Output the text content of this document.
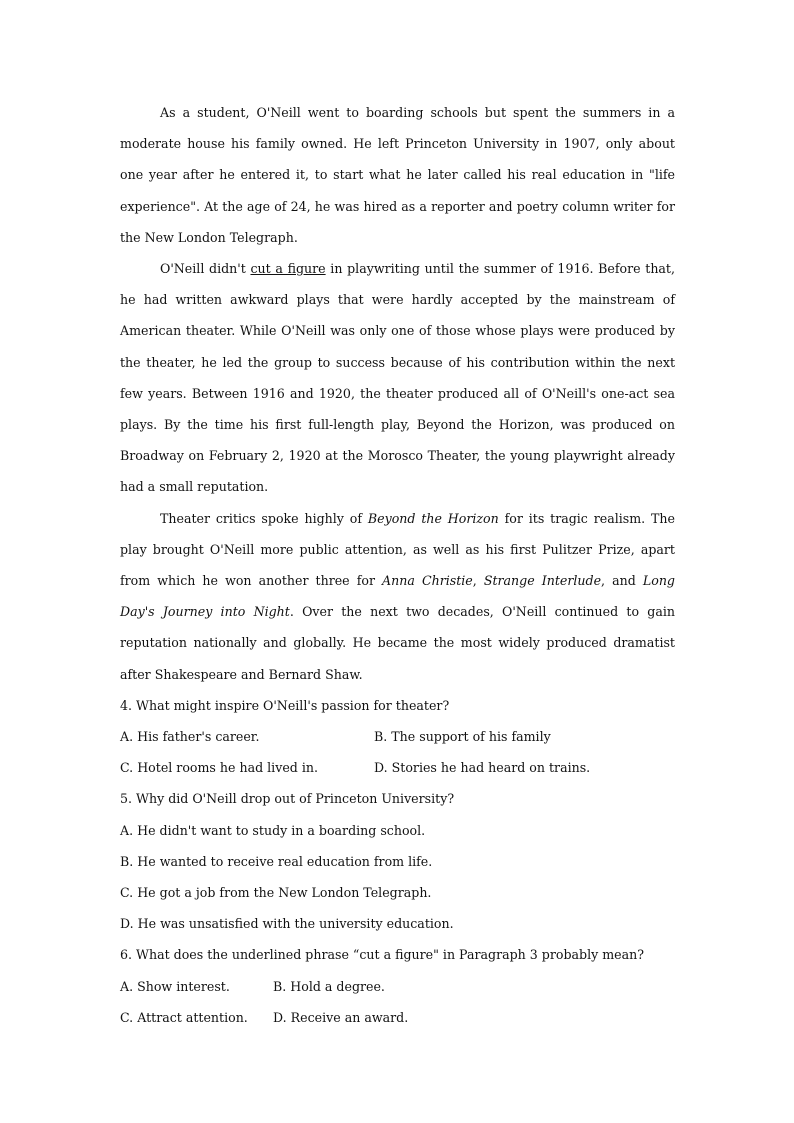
As a student, O'Neill went to boarding schools but spent the summers in a moderate house his family owned. He left Princeton University in 1907, only about one year after he entered it, to start what he later called his real education in "life experience". At the age of 24, he was hired as a reporter and poetry column writer for the New London Telegraph.

O'Neill didn't cut a figure in playwriting until the summer of 1916. Before that, he had written awkward plays that were hardly accepted by the mainstream of American theater. While O'Neill was only one of those whose plays were produced by the theater, he led the group to success because of his contribution within the next few years. Between 1916 and 1920, the theater produced all of O'Neill's one-act sea plays. By the time his first full-length play, Beyond the Horizon, was produced on Broadway on February 2, 1920 at the Morosco Theater, the young playwright already had a small reputation.

Theater critics spoke highly of Beyond the Horizon for its tragic realism. The play brought O'Neill more public attention, as well as his first Pulitzer Prize, apart from which he won another three for Anna Christie, Strange Interlude, and Long Day's Journey into Night. Over the next two decades, O'Neill continued to gain reputation nationally and globally. He became the most widely produced dramatist after Shakespeare and Bernard Shaw.

4. What might inspire O'Neill's passion for theater?

A. His father's career.	B. The support of his family

C. Hotel rooms he had lived in.	D. Stories he had heard on trains.

5. Why did O'Neill drop out of Princeton University?

A. He didn't want to study in a boarding school.

B. He wanted to receive real education from life.

C. He got a job from the New London Telegraph.

D. He was unsatisfied with the university education.

6. What does the underlined phrase “cut a figure" in Paragraph 3 probably mean?

A. Show interest.	B. Hold a degree.

C. Attract attention. D. Receive an award.
